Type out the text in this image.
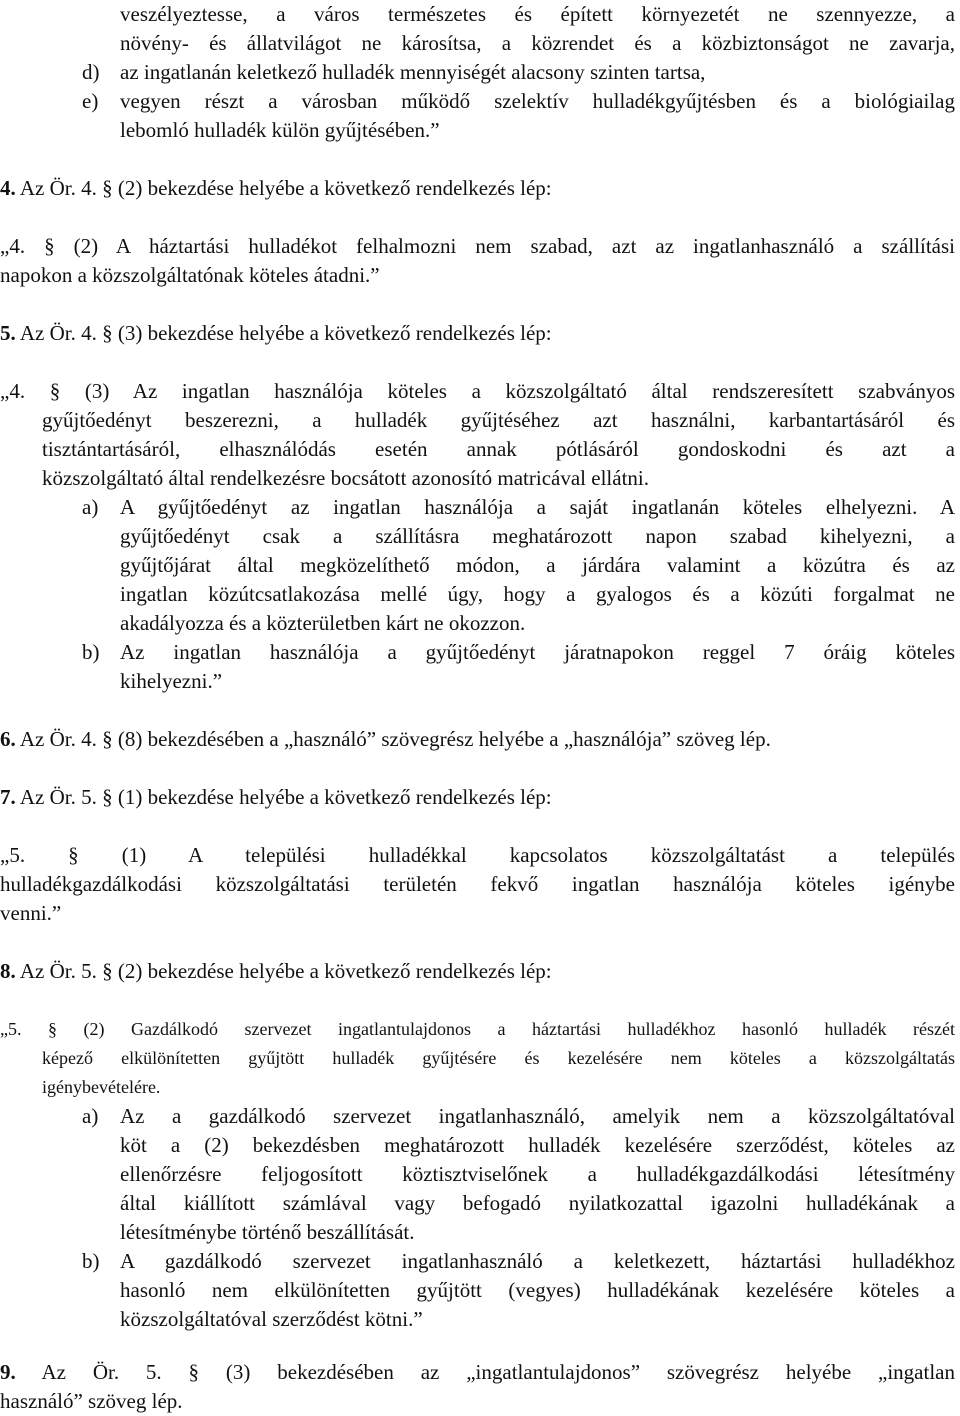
veszélyeztesse, a város természetes és épített környezetét ne szennyezze, a
növény- és állatvilágot ne károsítsa, a közrendet és a közbiztonságot ne zavarja,
d) az ingatlanán keletkező hulladék mennyiségét alacsony szinten tartsa,
e) vegyen részt a városban működő szelektív hulladékgyűjtésben és a biológiailag
lebomló hulladék külön gyűjtésében.”
4. Az Ör. 4. § (2) bekezdése helyébe a következő rendelkezés lép:
„4. § (2) A háztartási hulladékot felhalmozni nem szabad, azt az ingatlanhasználó a szállítási
napokon a közszolgáltatónak köteles átadni.”
5. Az Ör. 4. § (3) bekezdése helyébe a következő rendelkezés lép:
„4. § (3) Az ingatlan használója köteles a közszolgáltató által rendszeresített szabványos
gyűjtőedényt beszerezni, a hulladék gyűjtéséhez azt használni, karbantartásáról és
tisztántartásáról, elhasználódás esetén annak pótlásáról gondoskodni és azt a
közszolgáltató által rendelkezésre bocsátott azonosító matricával ellátni.
a) A gyűjtőedényt az ingatlan használója a saját ingatlanán köteles elhelyezni. A
gyűjtőedényt csak a szállításra meghatározott napon szabad kihelyezni, a
gyűjtőjárat által megközelíthető módon, a járdára valamint a közútra és az
ingatlan közútcsatlakozása mellé úgy, hogy a gyalogos és a közúti forgalmat ne
akadályozza és a közterületben kárt ne okozzon.
b) Az ingatlan használója a gyűjtőedényt járatnapokon reggel 7 óráig köteles
kihelyezni.”
6. Az Ör. 4. § (8) bekezdésében a „használó” szövegrész helyébe a „használója” szöveg lép.
7. Az Ör. 5. § (1) bekezdése helyébe a következő rendelkezés lép:
„5. § (1) A települési hulladékkal kapcsolatos közszolgáltatást a település
hulladékgazdálkodási közszolgáltatási területén fekvő ingatlan használója köteles igénybe
venni.”
8. Az Ör. 5. § (2) bekezdése helyébe a következő rendelkezés lép:
„5. § (2) Gazdálkodó szervezet ingatlantulajdonos a háztartási hulladékhoz hasonló hulladék részét
képező elkülönítetten gyűjtött hulladék gyűjtésére és kezelésére nem köteles a közszolgáltatás
igénybevételére.
a) Az a gazdálkodó szervezet ingatlanhasználó, amelyik nem a közszolgáltatóval
köt a (2) bekezdésben meghatározott hulladék kezelésére szerződést, köteles az
ellenőrzésre feljogosított köztisztviselőnek a hulladékgazdálkodási létesítmény
által kiállított számlával vagy befogadó nyilatkozattal igazolni hulladékának a
létesítménybe történő beszállítását.
b) A gazdálkodó szervezet ingatlanhasználó a keletkezett, háztartási hulladékhoz
hasonló nem elkülönítetten gyűjtött (vegyes) hulladékának kezelésére köteles a
közszolgáltatóval szerződést kötni.”
9. Az Ör. 5. § (3) bekezdésében az „ingatlantulajdonos” szövegrész helyébe „ingatlan
használó” szöveg lép.
